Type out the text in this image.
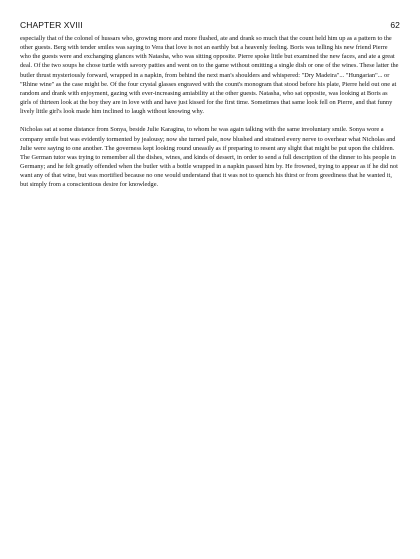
CHAPTER XVIII	62

especially that of the colonel of hussars who, growing more and more flushed, ate and drank so much that the count held him up as a pattern to the other guests. Berg with tender smiles was saying to Vera that love is not an earthly but a heavenly feeling. Boris was telling his new friend Pierre who the guests were and exchanging glances with Natasha, who was sitting opposite. Pierre spoke little but examined the new faces, and ate a great deal. Of the two soups he chose turtle with savory patties and went on to the game without omitting a single dish or one of the wines. These latter the butler thrust mysteriously forward, wrapped in a napkin, from behind the next man's shoulders and whispered: "Dry Madeira"... "Hungarian"... or "Rhine wine" as the case might be. Of the four crystal glasses engraved with the count's monogram that stood before his plate, Pierre held out one at random and drank with enjoyment, gazing with ever-increasing amiability at the other guests. Natasha, who sat opposite, was looking at Boris as girls of thirteen look at the boy they are in love with and have just kissed for the first time. Sometimes that same look fell on Pierre, and that funny lively little girl's look made him inclined to laugh without knowing why.

Nicholas sat at some distance from Sonya, beside Julie Karagina, to whom he was again talking with the same involuntary smile. Sonya wore a company smile but was evidently tormented by jealousy; now she turned pale, now blushed and strained every nerve to overhear what Nicholas and Julie were saying to one another. The governess kept looking round uneasily as if preparing to resent any slight that might be put upon the children. The German tutor was trying to remember all the dishes, wines, and kinds of dessert, in order to send a full description of the dinner to his people in Germany; and he felt greatly offended when the butler with a bottle wrapped in a napkin passed him by. He frowned, trying to appear as if he did not want any of that wine, but was mortified because no one would understand that it was not to quench his thirst or from greediness that he wanted it, but simply from a conscientious desire for knowledge.
